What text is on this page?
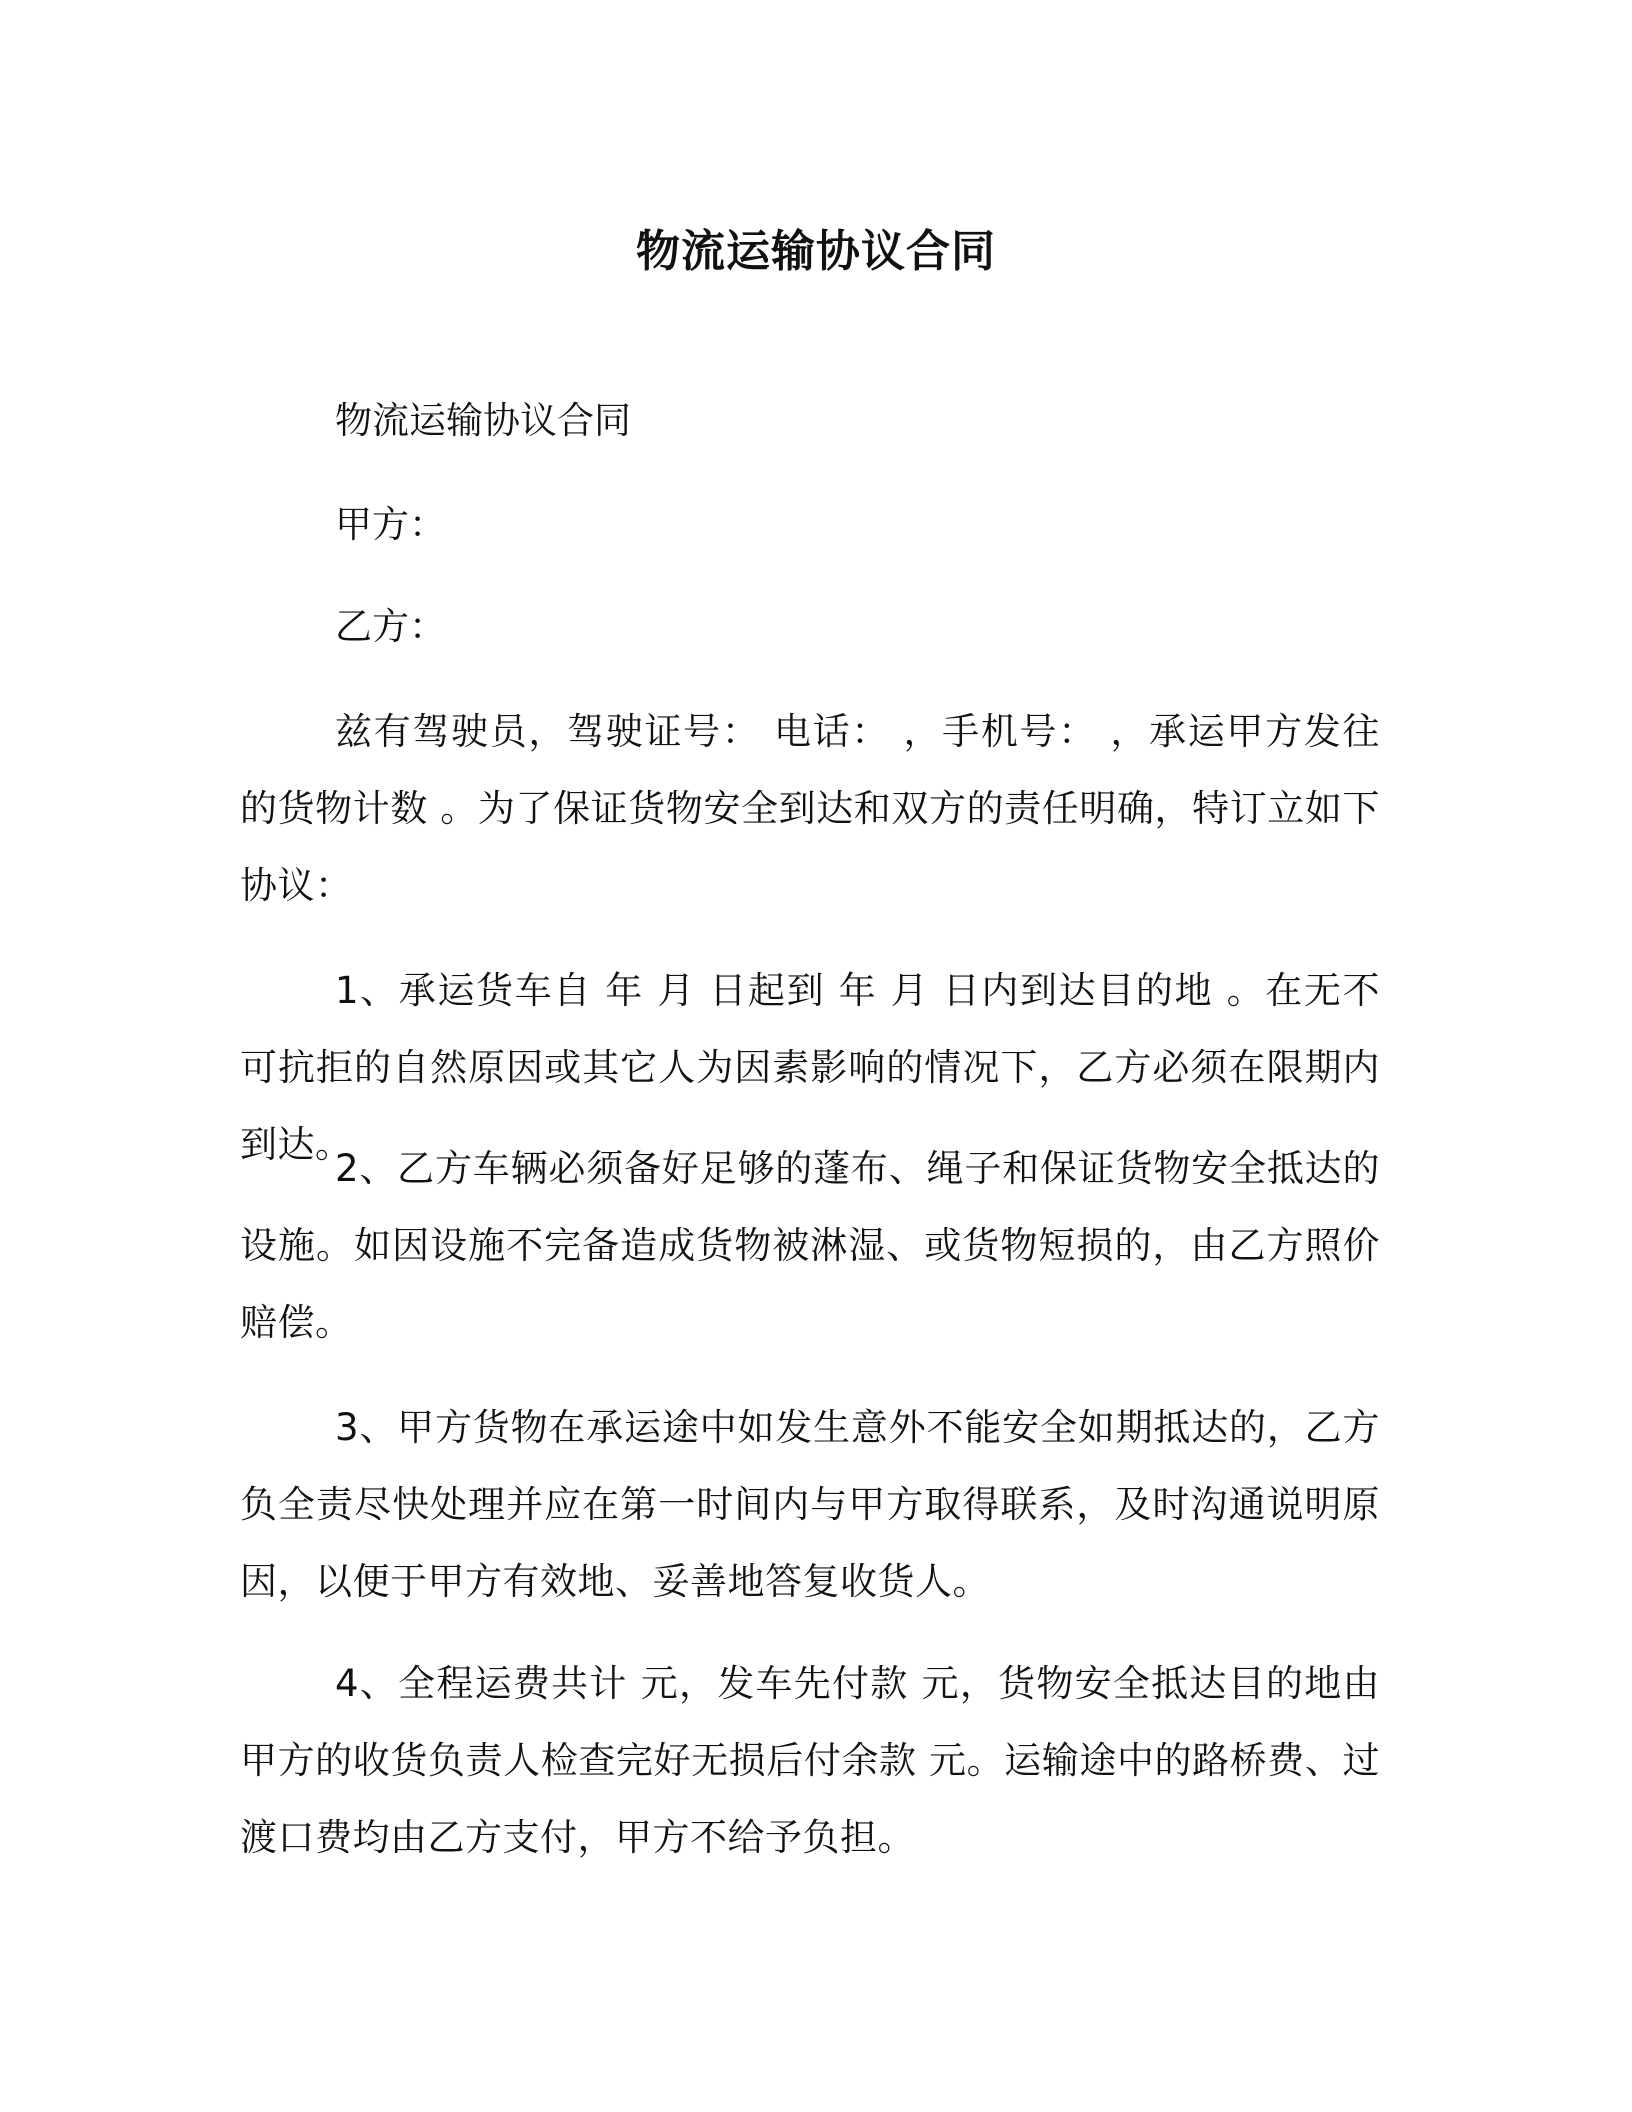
物流运输协议合同

物流运输协议合同

甲方：

乙方：

兹有驾驶员，驾驶证号： 电话： ，手机号： ，承运甲方发往 的货物计数 。为了保证货物安全到达和双方的责任明确，特订立如下协议：

1、承运货车自 年 月 日起到 年 月 日内到达目的地 。在无不可抗拒的自然原因或其它人为因素影响的情况下，乙方必须在限期内到达。

2、乙方车辆必须备好足够的蓬布、绳子和保证货物安全抵达的设施。如因设施不完备造成货物被淋湿、或货物短损的，由乙方照价赔偿。

3、甲方货物在承运途中如发生意外不能安全如期抵达的，乙方负全责尽快处理并应在第一时间内与甲方取得联系，及时沟通说明原因，以便于甲方有效地、妥善地答复收货人。

4、全程运费共计 元，发车先付款 元，货物安全抵达目的地由甲方的收货负责人检查完好无损后付余款 元。运输途中的路桥费、过渡口费均由乙方支付，甲方不给予负担。
